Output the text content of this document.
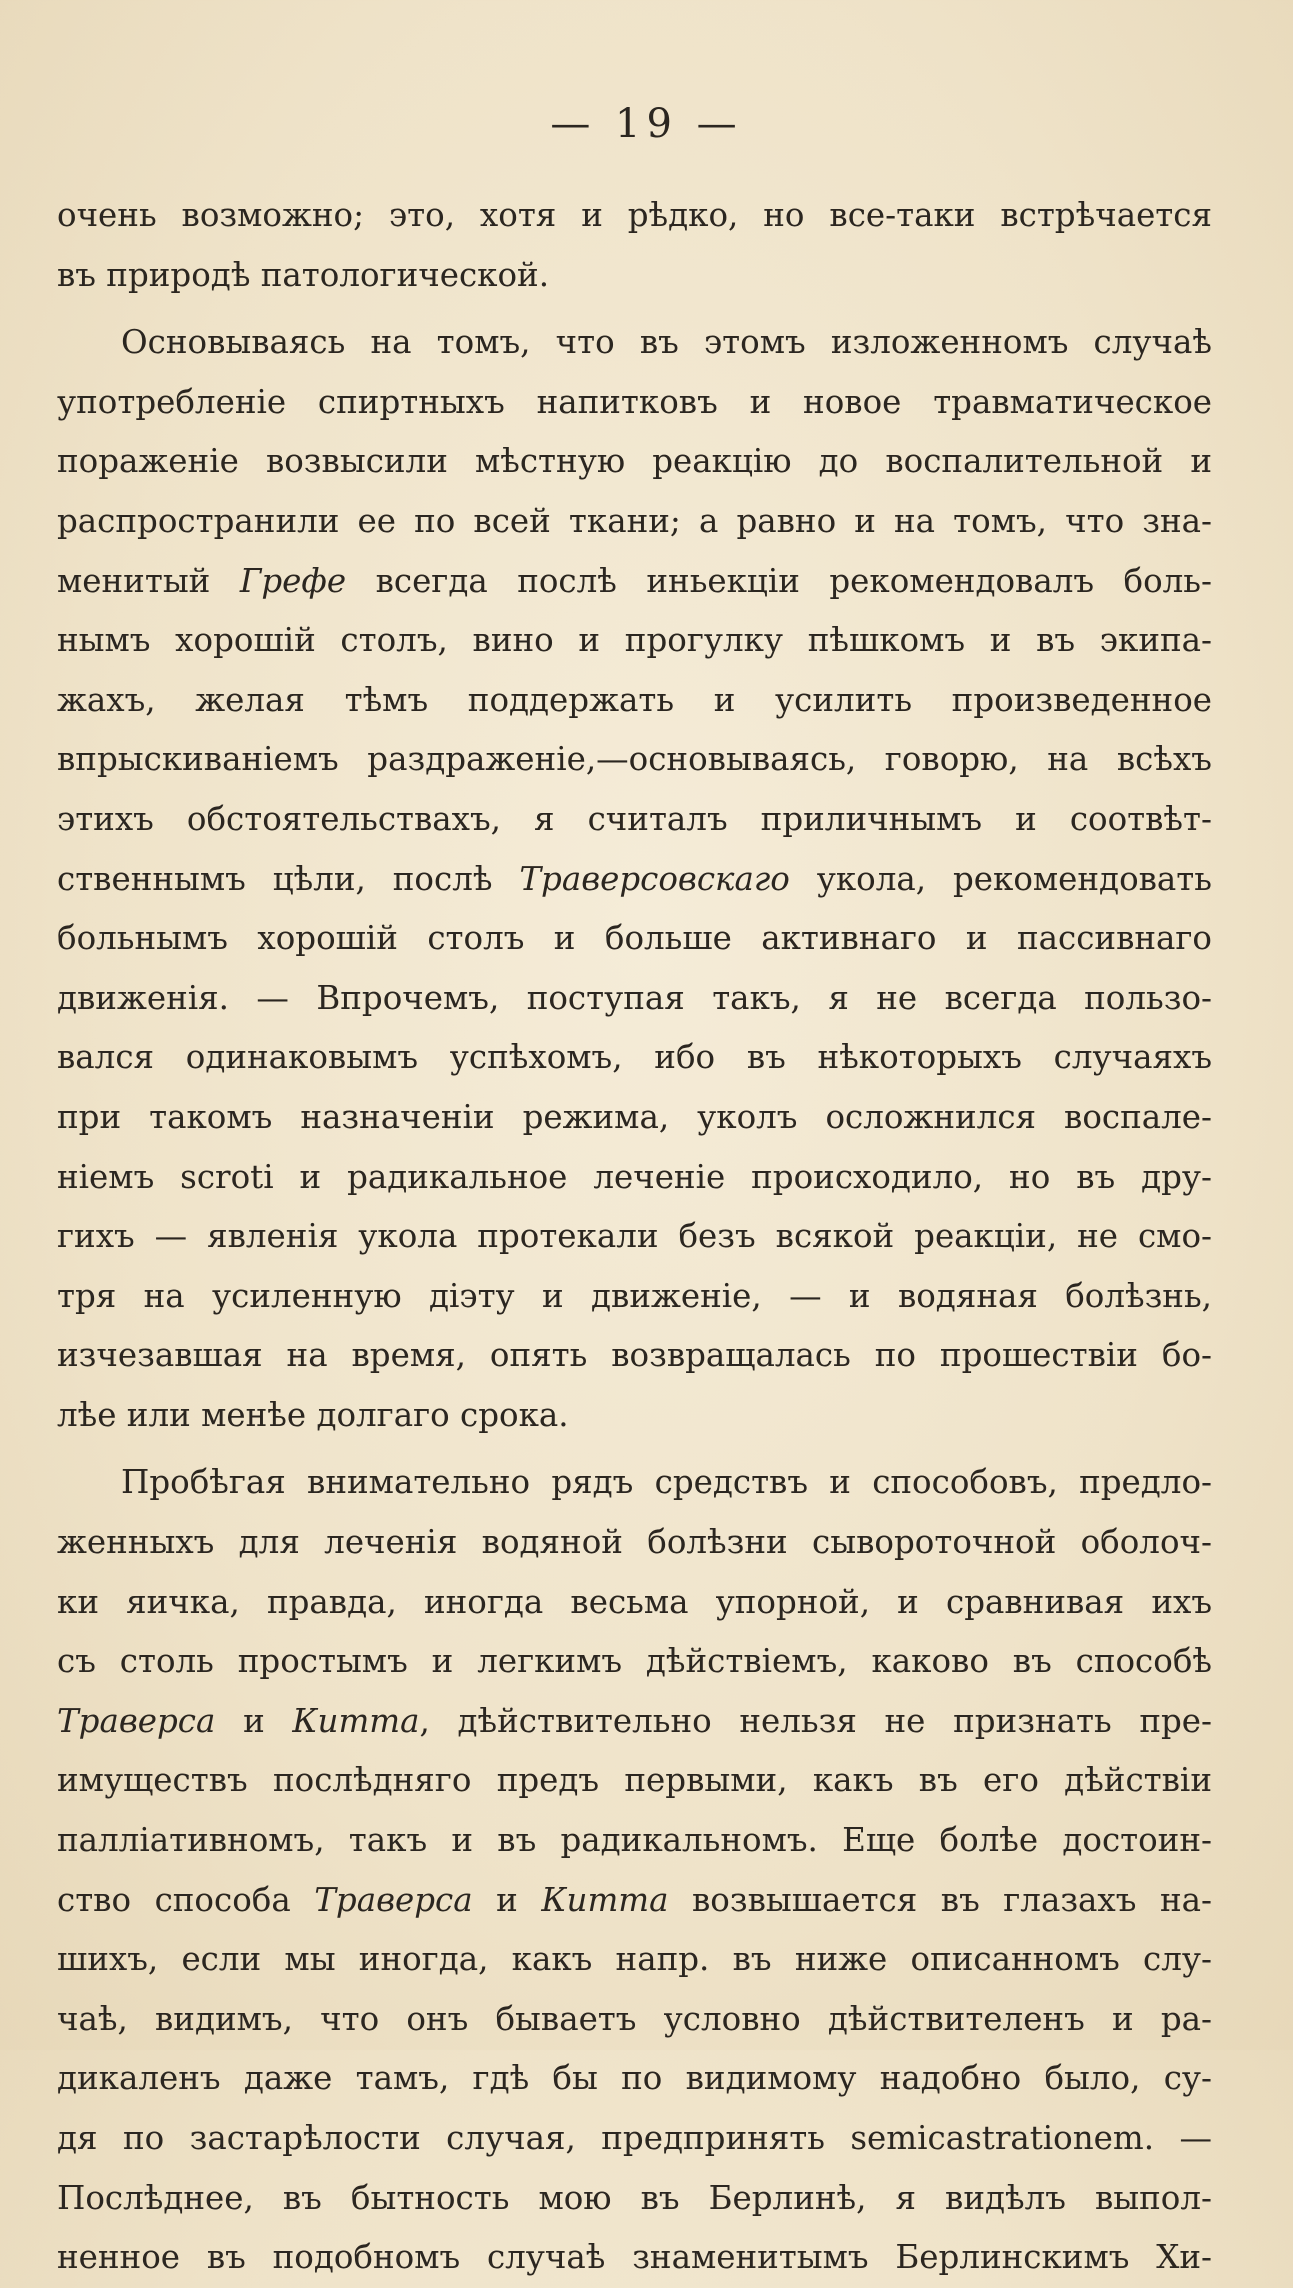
— 19 —
очень возможно; это, хотя и рѣдко, но все-таки встрѣчается
въ природѣ патологической.
Основываясь на томъ, что въ этомъ изложенномъ случаѣ
употребленіе спиртныхъ напитковъ и новое травматическое
пораженіе возвысили мѣстную реакцію до воспалительной и
распространили ее по всей ткани; а равно и на томъ, что зна-
менитый Грефе всегда послѣ иньекціи рекомендовалъ боль-
нымъ хорошій столъ, вино и прогулку пѣшкомъ и въ экипа-
жахъ, желая тѣмъ поддержать и усилить произведенное
впрыскиваніемъ раздраженіе,—основываясь, говорю, на всѣхъ
этихъ обстоятельствахъ, я считалъ приличнымъ и соотвѣт-
ственнымъ цѣли, послѣ Траверсовскаго укола, рекомендовать
больнымъ хорошій столъ и больше активнаго и пассивнаго
движенія. — Впрочемъ, поступая такъ, я не всегда пользо-
вался одинаковымъ успѣхомъ, ибо въ нѣкоторыхъ случаяхъ
при такомъ назначеніи режима, уколъ осложнился воспале-
ніемъ scroti и радикальное леченіе происходило, но въ дру-
гихъ — явленія укола протекали безъ всякой реакціи, не смо-
тря на усиленную діэту и движеніе, — и водяная болѣзнь,
изчезавшая на время, опять возвращалась по прошествіи бо-
лѣе или менѣе долгаго срока.
Пробѣгая внимательно рядъ средствъ и способовъ, предло-
женныхъ для леченія водяной болѣзни сывороточной оболоч-
ки яичка, правда, иногда весьма упорной, и сравнивая ихъ
съ столь простымъ и легкимъ дѣйствіемъ, каково въ способѣ
Траверса и Китта, дѣйствительно нельзя не признать пре-
имуществъ послѣдняго предъ первыми, какъ въ его дѣйствіи
палліативномъ, такъ и въ радикальномъ. Еще болѣе достоин-
ство способа Траверса и Китта возвышается въ глазахъ на-
шихъ, если мы иногда, какъ напр. въ ниже описанномъ слу-
чаѣ, видимъ, что онъ бываетъ условно дѣйствителенъ и ра-
дикаленъ даже тамъ, гдѣ бы по видимому надобно было, су-
дя по застарѣлости случая, предпринять semicastrationem. —
Послѣднее, въ бытность мою въ Берлинѣ, я видѣлъ выпол-
ненное въ подобномъ случаѣ знаменитымъ Берлинскимъ Хи-
